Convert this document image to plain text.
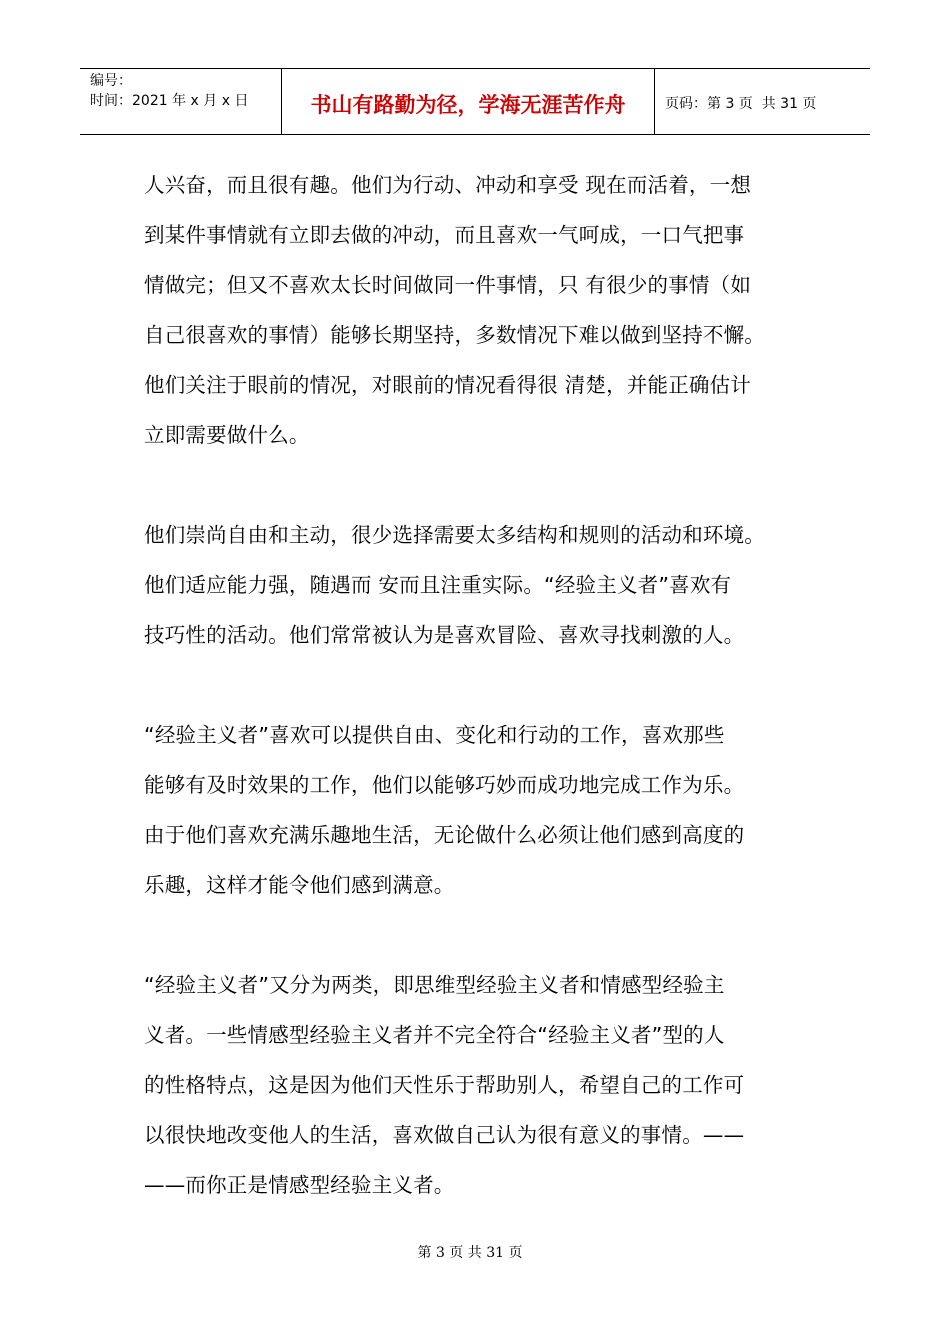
编号：
时间：2021 年 x 月 x 日	书山有路勤为径，学海无涯苦作舟	页码：第 3 页  共 31 页
人兴奋，而且很有趣。他们为行动、冲动和享受 现在而活着，一想
到某件事情就有立即去做的冲动，而且喜欢一气呵成，一口气把事
情做完；但又不喜欢太长时间做同一件事情，只 有很少的事情（如
自己很喜欢的事情）能够长期坚持，多数情况下难以做到坚持不懈。
他们关注于眼前的情况，对眼前的情况看得很 清楚，并能正确估计
立即需要做什么。
他们崇尚自由和主动，很少选择需要太多结构和规则的活动和环境。
他们适应能力强，随遇而 安而且注重实际。“经验主义者”喜欢有
技巧性的活动。他们常常被认为是喜欢冒险、喜欢寻找刺激的人。
“经验主义者”喜欢可以提供自由、变化和行动的工作，喜欢那些
能够有及时效果的工作，他们以能够巧妙而成功地完成工作为乐。
由于他们喜欢充满乐趣地生活，无论做什么必须让他们感到高度的
乐趣，这样才能令他们感到满意。
“经验主义者”又分为两类，即思维型经验主义者和情感型经验主
义者。一些情感型经验主义者并不完全符合“经验主义者”型的人
的性格特点，这是因为他们天性乐于帮助别人，希望自己的工作可
以很快地改变他人的生活，喜欢做自己认为很有意义的事情。——
——而你正是情感型经验主义者。
第 3 页 共 31 页
